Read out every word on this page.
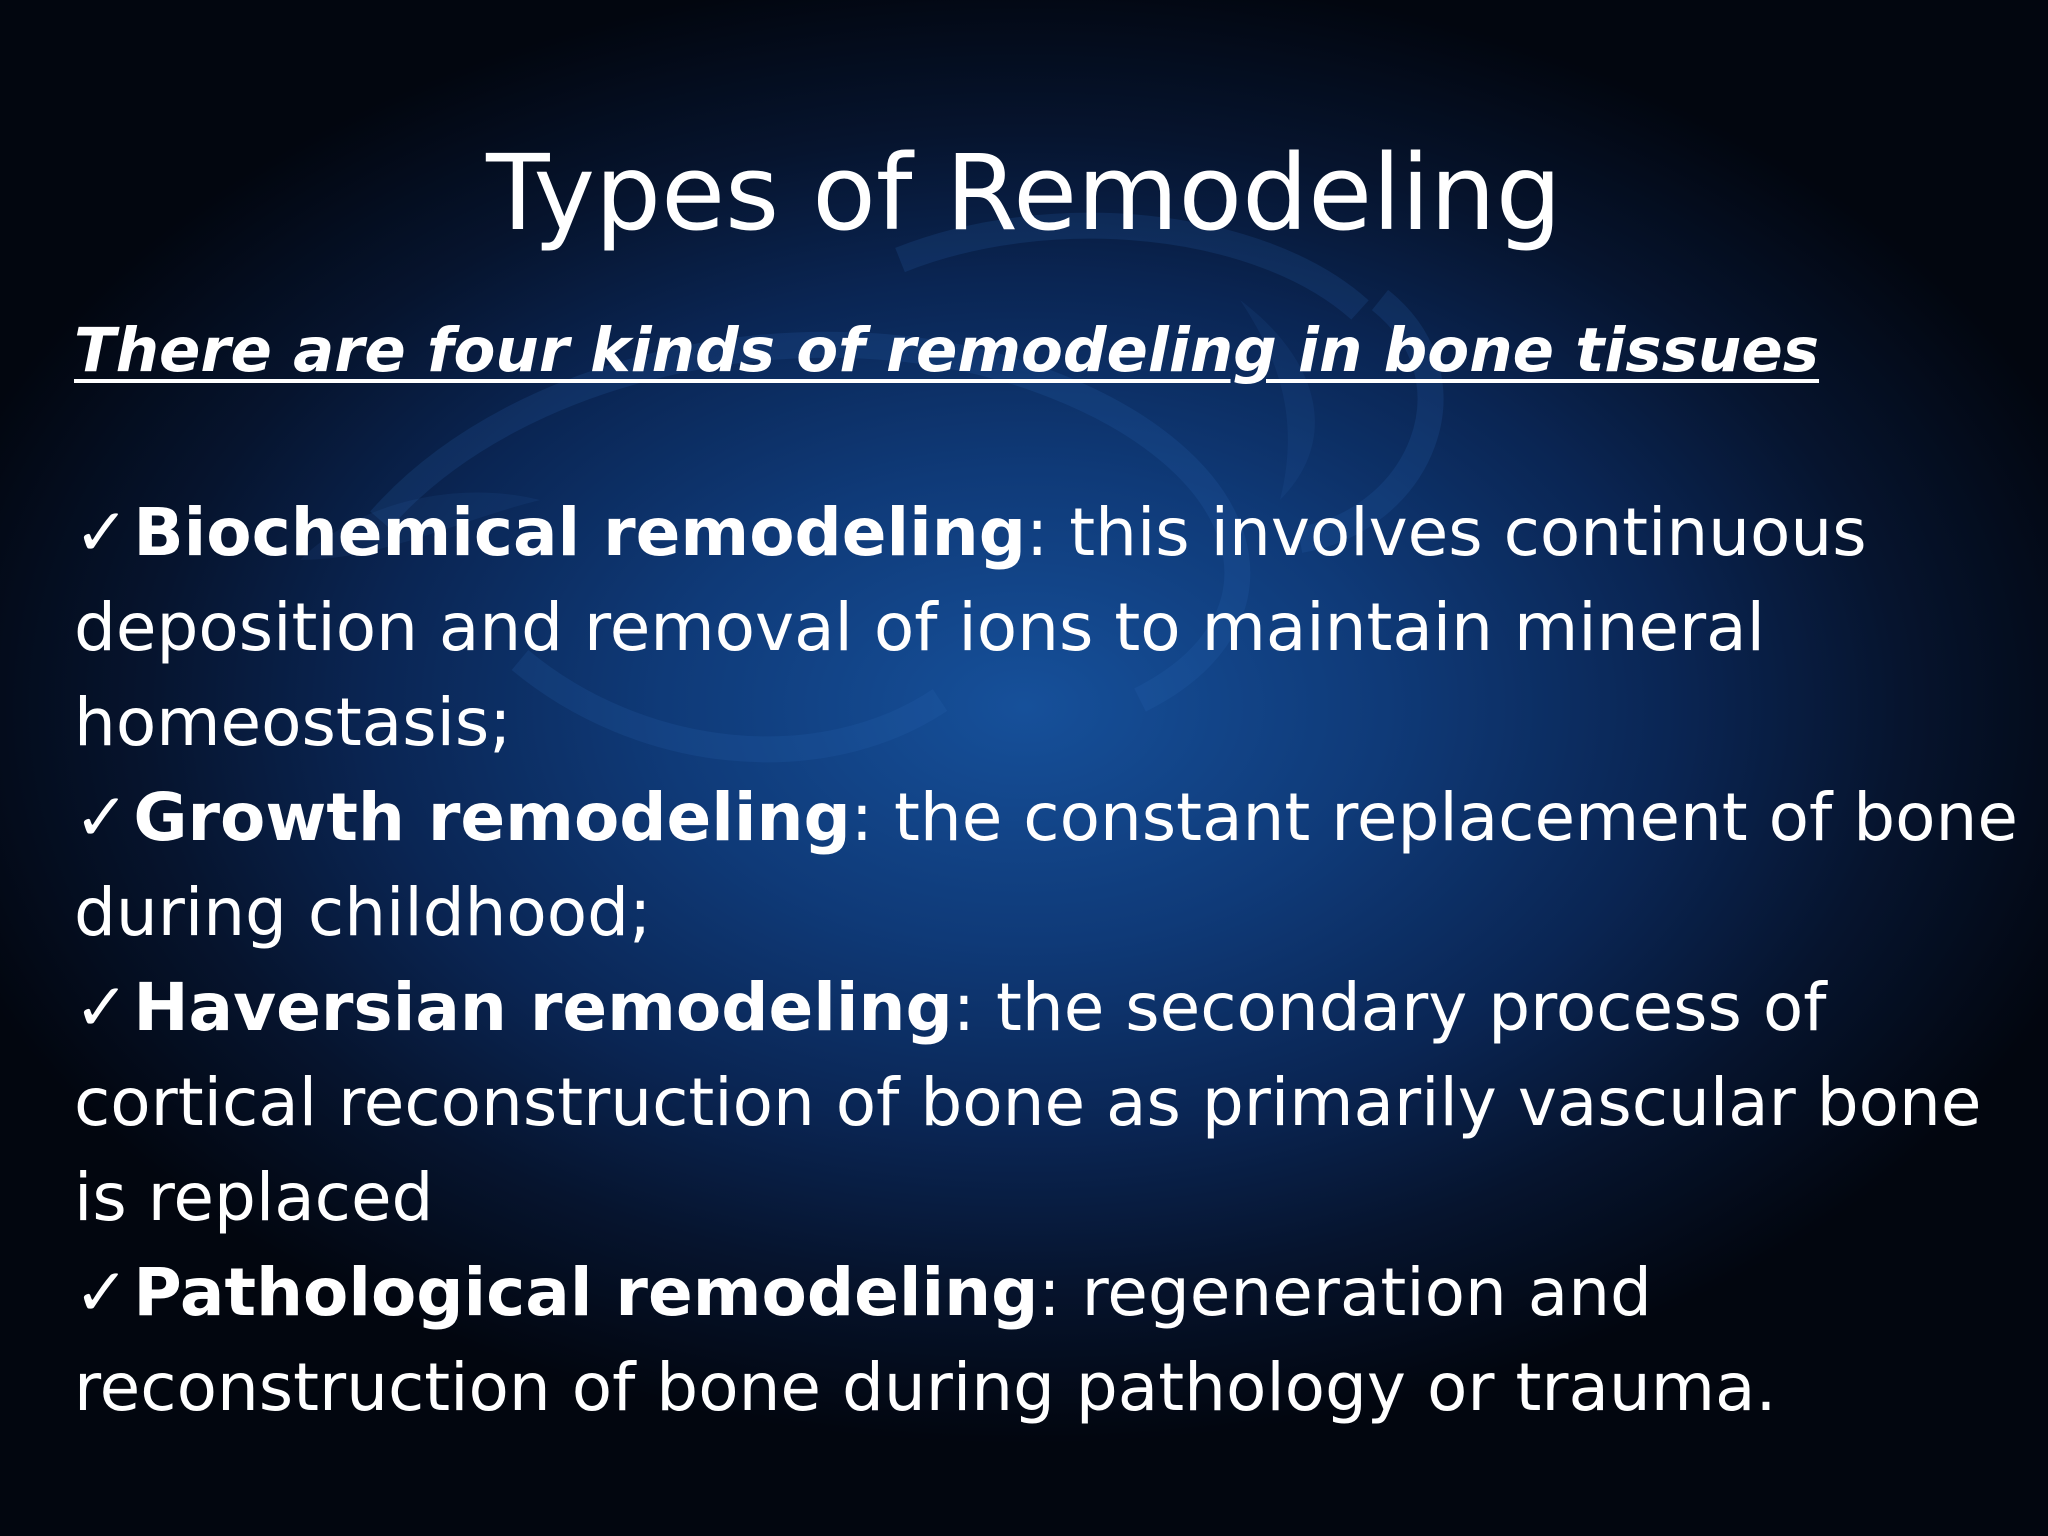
Types of Remodeling

There are four kinds of remodeling in bone tissues

✓Biochemical remodeling: this involves continuous deposition and removal of ions to maintain mineral homeostasis;
✓Growth remodeling: the constant replacement of bone during childhood;
✓Haversian remodeling: the secondary process of cortical reconstruction of bone as primarily vascular bone is replaced
✓Pathological remodeling: regeneration and reconstruction of bone during pathology or trauma.
